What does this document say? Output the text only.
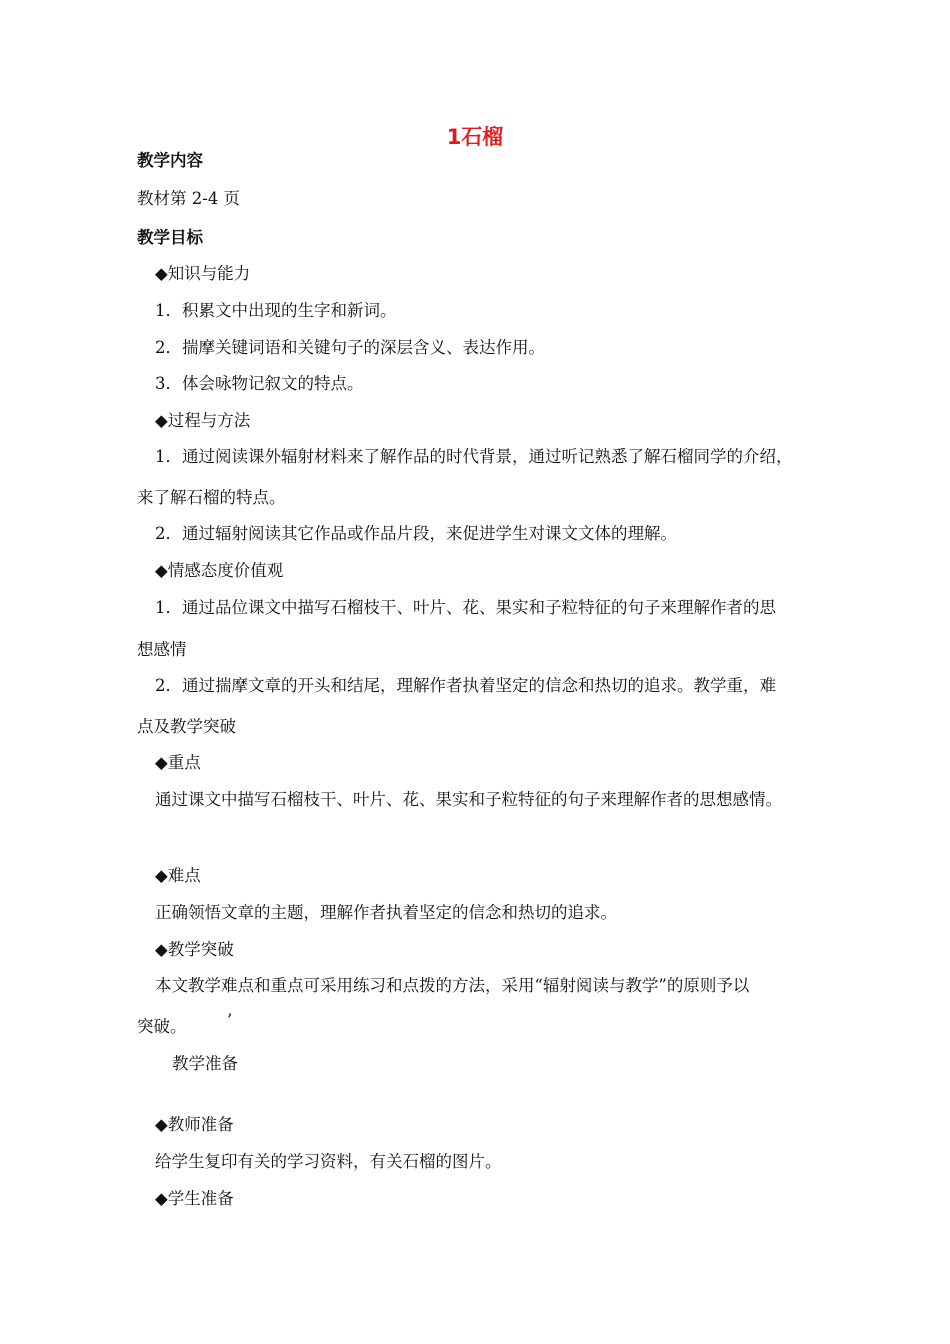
1石榴
教学内容
教材第 2-4 页
教学目标
◆知识与能力
1．积累文中出现的生字和新词。
2．揣摩关键词语和关键句子的深层含义、表达作用。
3．体会咏物记叙文的特点。
◆过程与方法
1．通过阅读课外辐射材料来了解作品的时代背景，通过听记熟悉了解石榴同学的介绍，
来了解石榴的特点。
2．通过辐射阅读其它作品或作品片段，来促进学生对课文文体的理解。
◆情感态度价值观
1．通过品位课文中描写石榴枝干、叶片、花、果实和子粒特征的句子来理解作者的思
想感情
2．通过揣摩文章的开头和结尾，理解作者执着坚定的信念和热切的追求。教学重，难
点及教学突破
◆重点
通过课文中描写石榴枝干、叶片、花、果实和子粒特征的句子来理解作者的思想感情。
◆难点
正确领悟文章的主题，理解作者执着坚定的信念和热切的追求。
◆教学突破
本文教学难点和重点可采用练习和点拨的方法，采用“辐射阅读与教学”的原则予以
突破。 ’
教学准备
◆教师准备
给学生复印有关的学习资料，有关石榴的图片。
◆学生准备
